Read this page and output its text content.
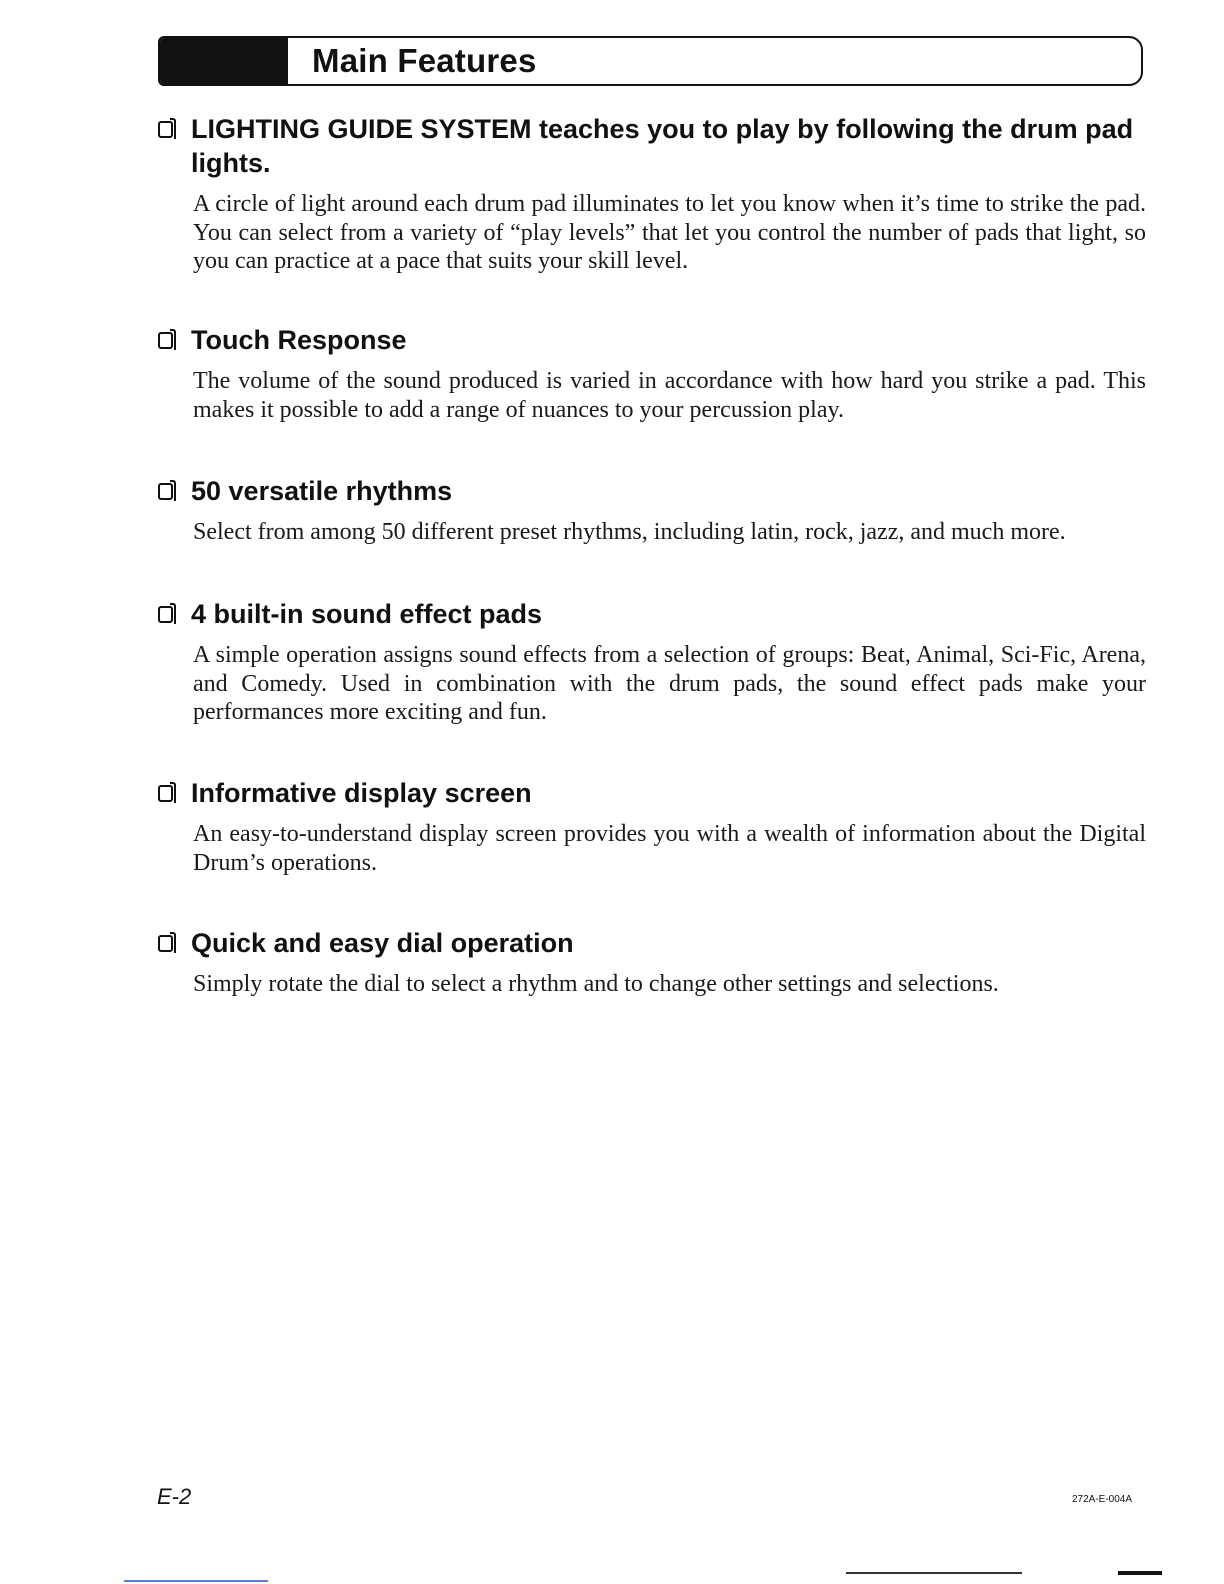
Main Features
LIGHTING GUIDE SYSTEM teaches you to play by following the drum pad lights.
A circle of light around each drum pad illuminates to let you know when it’s time to strike the pad. You can select from a variety of “play levels” that let you control the number of pads that light, so you can practice at a pace that suits your skill level.
Touch Response
The volume of the sound produced is varied in accordance with how hard you strike a pad. This makes it possible to add a range of nuances to your percussion play.
50 versatile rhythms
Select from among 50 different preset rhythms, including latin, rock, jazz, and much more.
4 built-in sound effect pads
A simple operation assigns sound effects from a selection of groups: Beat, Animal, Sci-Fic, Arena, and Comedy. Used in combination with the drum pads, the sound effect pads make your performances more exciting and fun.
Informative display screen
An easy-to-understand display screen provides you with a wealth of information about the Digital Drum’s operations.
Quick and easy dial operation
Simply rotate the dial to select a rhythm and to change other settings and selections.
E-2	272A-E-004A
